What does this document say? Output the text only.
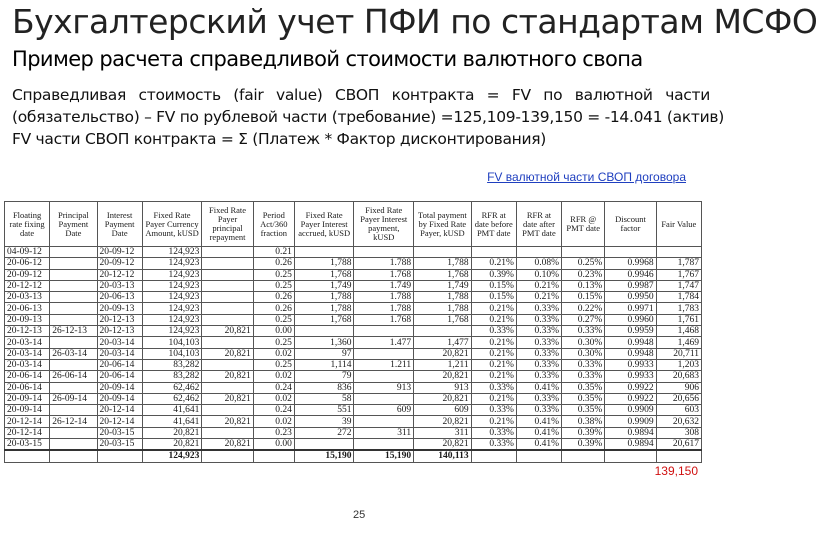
Бухгалтерский учет ПФИ по стандартам МСФО
Пример расчета справедливой стоимости валютного свопа
Справедливая стоимость (fair value) СВОП контракта = FV по валютной части
(обязательство) – FV по рублевой части (требование) =125,109-139,150 = -14.041 (актив)
FV части СВОП контракта = Σ (Платеж * Фактор дисконтирования)
FV валютной части СВОП договора
Floating rate fixing date	Principal Payment Date	Interest Payment Date	Fixed Rate Payer Currency Amount, kUSD	Fixed Rate Payer principal repayment	Period Act/360 fraction	Fixed Rate Payer Interest accrued, kUSD	Fixed Rate Payer Interest payment, kUSD	Total payment by Fixed Rate Payer, kUSD	RFR at date before PMT date	RFR at date after PMT date	RFR @ PMT date	Discount factor	Fair Value
04-09-12		20-09-12	124,923		0.21								
20-06-12		20-09-12	124,923		0.26	1,788	1.788	1,788	0.21%	0.08%	0.25%	0.9968	1,787
20-09-12		20-12-12	124,923		0.25	1,768	1.768	1,768	0.39%	0.10%	0.23%	0.9946	1,767
20-12-12		20-03-13	124,923		0.25	1,749	1.749	1,749	0.15%	0.21%	0.13%	0.9987	1,747
20-03-13		20-06-13	124,923		0.26	1,788	1.788	1,788	0.15%	0.21%	0.15%	0.9950	1,784
20-06-13		20-09-13	124,923		0.26	1,788	1.788	1,788	0.21%	0.33%	0.22%	0.9971	1,783
20-09-13		20-12-13	124,923		0.25	1,768	1.768	1,768	0.21%	0.33%	0.27%	0.9960	1,761
20-12-13	26-12-13	20-12-13	124,923	20,821	0.00				0.33%	0.33%	0.33%	0.9959	1,468
20-03-14		20-03-14	104,103		0.25	1,360	1.477	1,477	0.21%	0.33%	0.30%	0.9948	1,469
20-03-14	26-03-14	20-03-14	104,103	20,821	0.02	97		20,821	0.21%	0.33%	0.30%	0.9948	20,711
20-03-14		20-06-14	83,282		0.25	1,114	1.211	1,211	0.21%	0.33%	0.33%	0.9933	1,203
20-06-14	26-06-14	20-06-14	83,282	20,821	0.02	79		20,821	0.21%	0.33%	0.33%	0.9933	20,683
20-06-14		20-09-14	62,462		0.24	836	913	913	0.33%	0.41%	0.35%	0.9922	906
20-09-14	26-09-14	20-09-14	62,462	20,821	0.02	58		20,821	0.21%	0.33%	0.35%	0.9922	20,656
20-09-14		20-12-14	41,641		0.24	551	609	609	0.33%	0.33%	0.35%	0.9909	603
20-12-14	26-12-14	20-12-14	41,641	20,821	0.02	39		20,821	0.21%	0.41%	0.38%	0.9909	20,632
20-12-14		20-03-15	20,821		0.23	272	311	311	0.33%	0.41%	0.39%	0.9894	308
20-03-15		20-03-15	20,821	20,821	0.00			20,821	0.33%	0.41%	0.39%	0.9894	20,617
			124,923			15,190	15,190	140,113					
139,150
25
